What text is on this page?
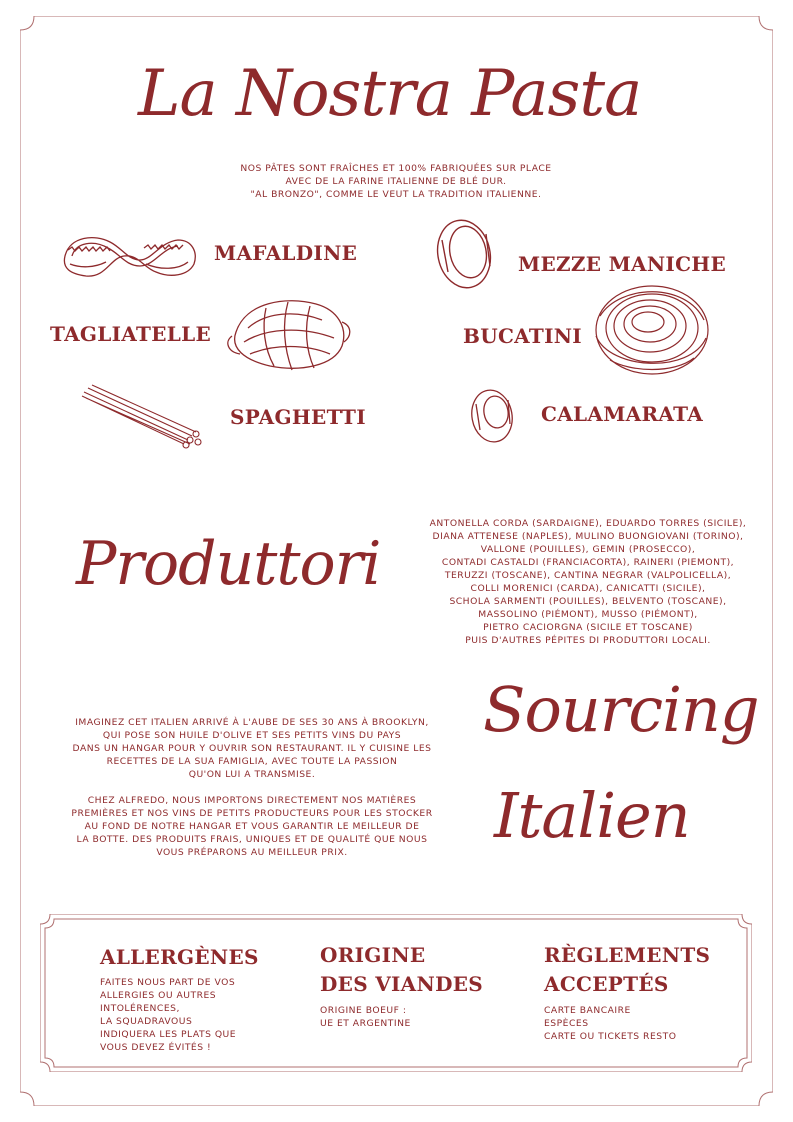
La Nostra Pasta
NOS PÂTES SONT FRAÎCHES ET 100% FABRIQUÉES SUR PLACE
AVEC DE LA FARINE ITALIENNE DE BLÉ DUR.
"AL BRONZO", COMME LE VEUT LA TRADITION ITALIENNE.
MAFALDINE	MEZZE MANICHE
TAGLIATELLE	BUCATINI
SPAGHETTI	CALAMARATA
Produttori
ANTONELLA CORDA (SARDAIGNE), EDUARDO TORRES (SICILE),
DIANA ATTENESE (NAPLES), MULINO BUONGIOVANI (TORINO),
VALLONE (POUILLES), GEMIN (PROSECCO),
CONTADI CASTALDI (FRANCIACORTA), RAINERI (PIEMONT),
TERUZZI (TOSCANE), CANTINA NEGRAR (VALPOLICELLA),
COLLI MORENICI (CARDA), CANICATTI (SICILE),
SCHOLA SARMENTI (POUILLES), BELVENTO (TOSCANE),
MASSOLINO (PIÉMONT), MUSSO (PIÉMONT),
PIETRO CACIORGNA (SICILE ET TOSCANE)
PUIS D'AUTRES PÉPITES DI PRODUTTORI LOCALI.
IMAGINEZ CET ITALIEN ARRIVÉ À L'AUBE DE SES 30 ANS À BROOKLYN,
QUI POSE SON HUILE D'OLIVE ET SES PETITS VINS DU PAYS
DANS UN HANGAR POUR Y OUVRIR SON RESTAURANT. IL Y CUISINE LES
RECETTES DE LA SUA FAMIGLIA, AVEC TOUTE LA PASSION
QU'ON LUI A TRANSMISE.
CHEZ ALFREDO, NOUS IMPORTONS DIRECTEMENT NOS MATIÈRES
PREMIÈRES ET NOS VINS DE PETITS PRODUCTEURS POUR LES STOCKER
AU FOND DE NOTRE HANGAR ET VOUS GARANTIR LE MEILLEUR DE
LA BOTTE. DES PRODUITS FRAIS, UNIQUES ET DE QUALITÉ QUE NOUS
VOUS PRÉPARONS AU MEILLEUR PRIX.
Sourcing
Italien
ALLERGÈNES
FAITES NOUS PART DE VOS
ALLERGIES OU AUTRES
INTOLÉRENCES,
LA SQUADRAVOUS
INDIQUERA LES PLATS QUE
VOUS DEVEZ ÉVITÉS !
ORIGINE
DES VIANDES
ORIGINE BOEUF :
UE ET ARGENTINE
RÈGLEMENTS
ACCEPTÉS
CARTE BANCAIRE
ESPÈCES
CARTE OU TICKETS RESTO
